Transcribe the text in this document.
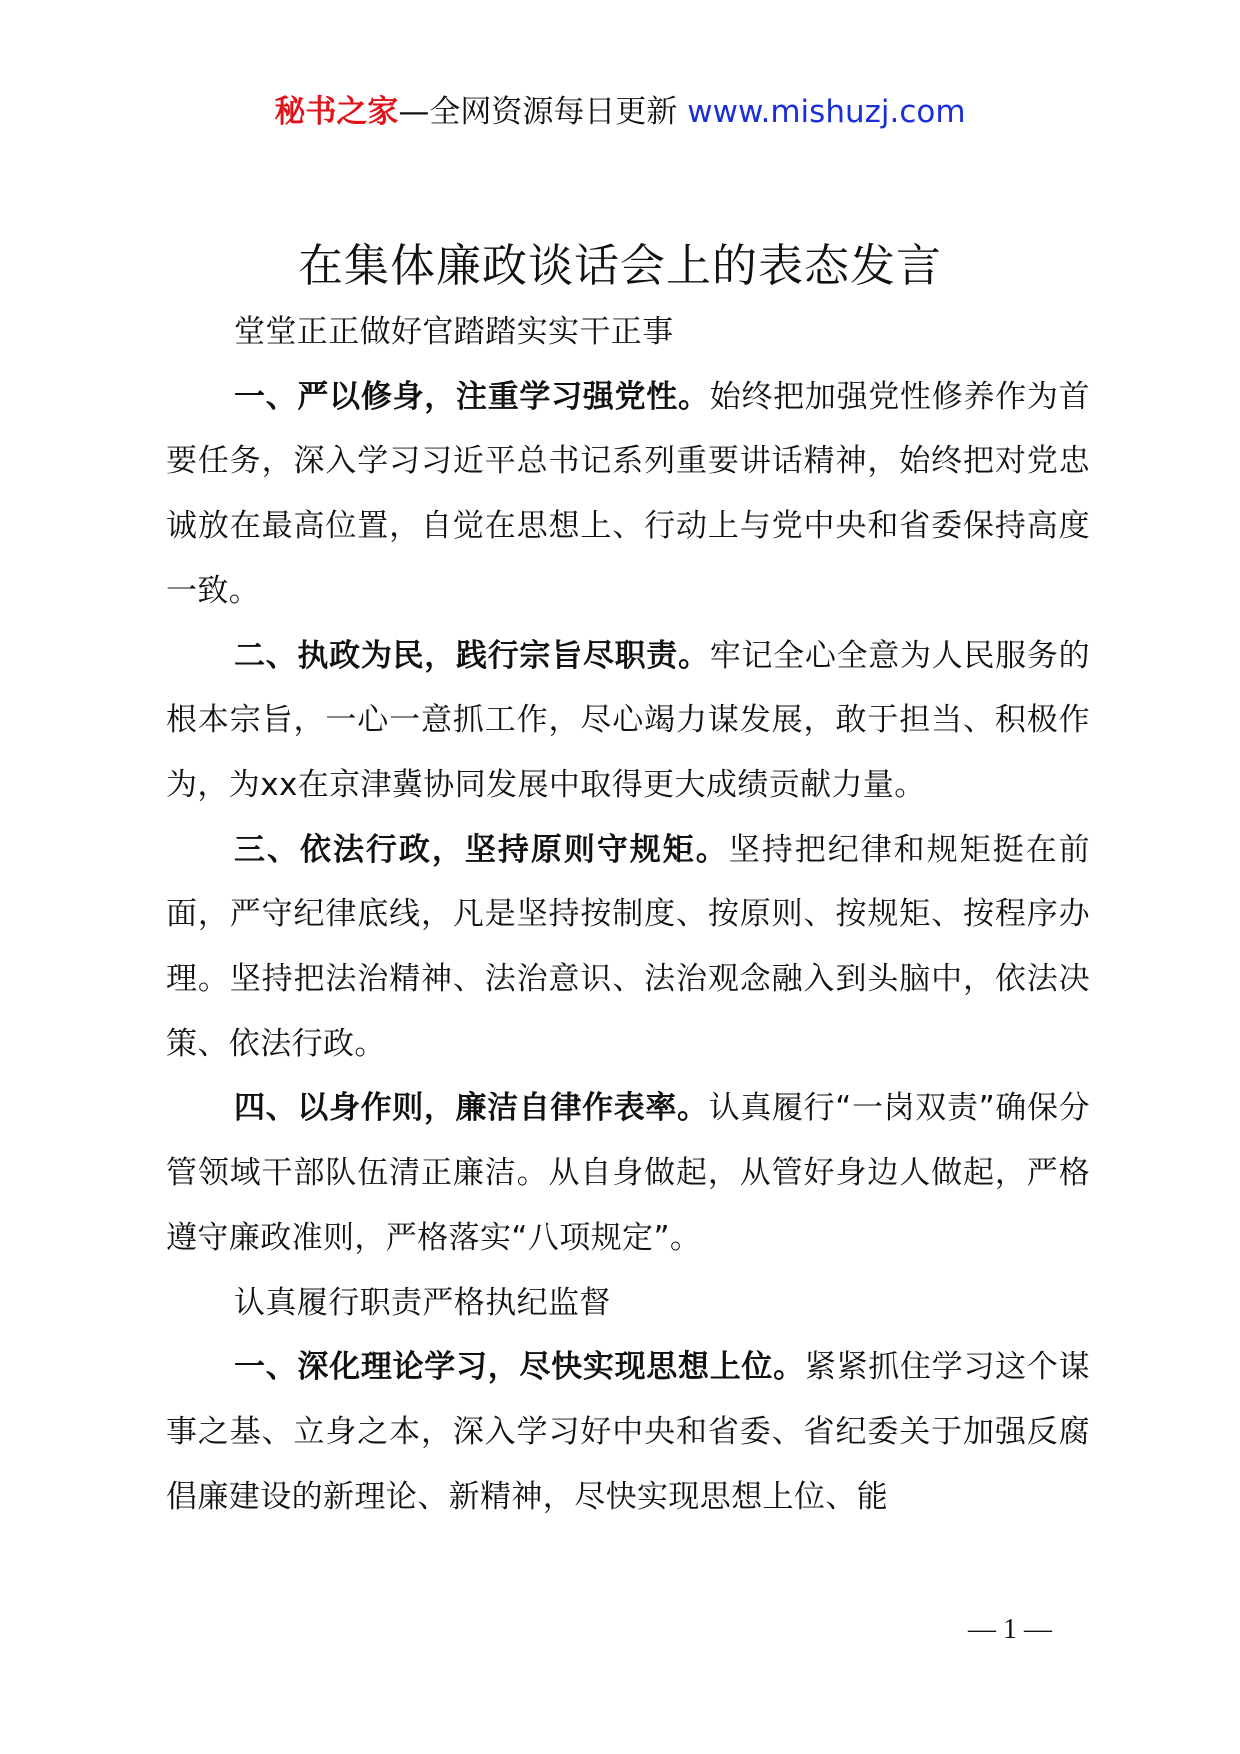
秘书之家—全网资源每日更新 www.mishuzj.com
在集体廉政谈话会上的表态发言

堂堂正正做好官踏踏实实干正事

一、严以修身，注重学习强党性。始终把加强党性修养作为首要任务，深入学习习近平总书记系列重要讲话精神，始终把对党忠诚放在最高位置，自觉在思想上、行动上与党中央和省委保持高度一致。

二、执政为民，践行宗旨尽职责。牢记全心全意为人民服务的根本宗旨，一心一意抓工作，尽心竭力谋发展，敢于担当、积极作为，为xx在京津冀协同发展中取得更大成绩贡献力量。

三、依法行政，坚持原则守规矩。坚持把纪律和规矩挺在前面，严守纪律底线，凡是坚持按制度、按原则、按规矩、按程序办理。坚持把法治精神、法治意识、法治观念融入到头脑中，依法决策、依法行政。

四、以身作则，廉洁自律作表率。认真履行“一岗双责”确保分管领域干部队伍清正廉洁。从自身做起，从管好身边人做起，严格遵守廉政准则，严格落实“八项规定”。

认真履行职责严格执纪监督

一、深化理论学习，尽快实现思想上位。紧紧抓住学习这个谋事之基、立身之本，深入学习好中央和省委、省纪委关于加强反腐倡廉建设的新理论、新精神，尽快实现思想上位、能

— 1 —
